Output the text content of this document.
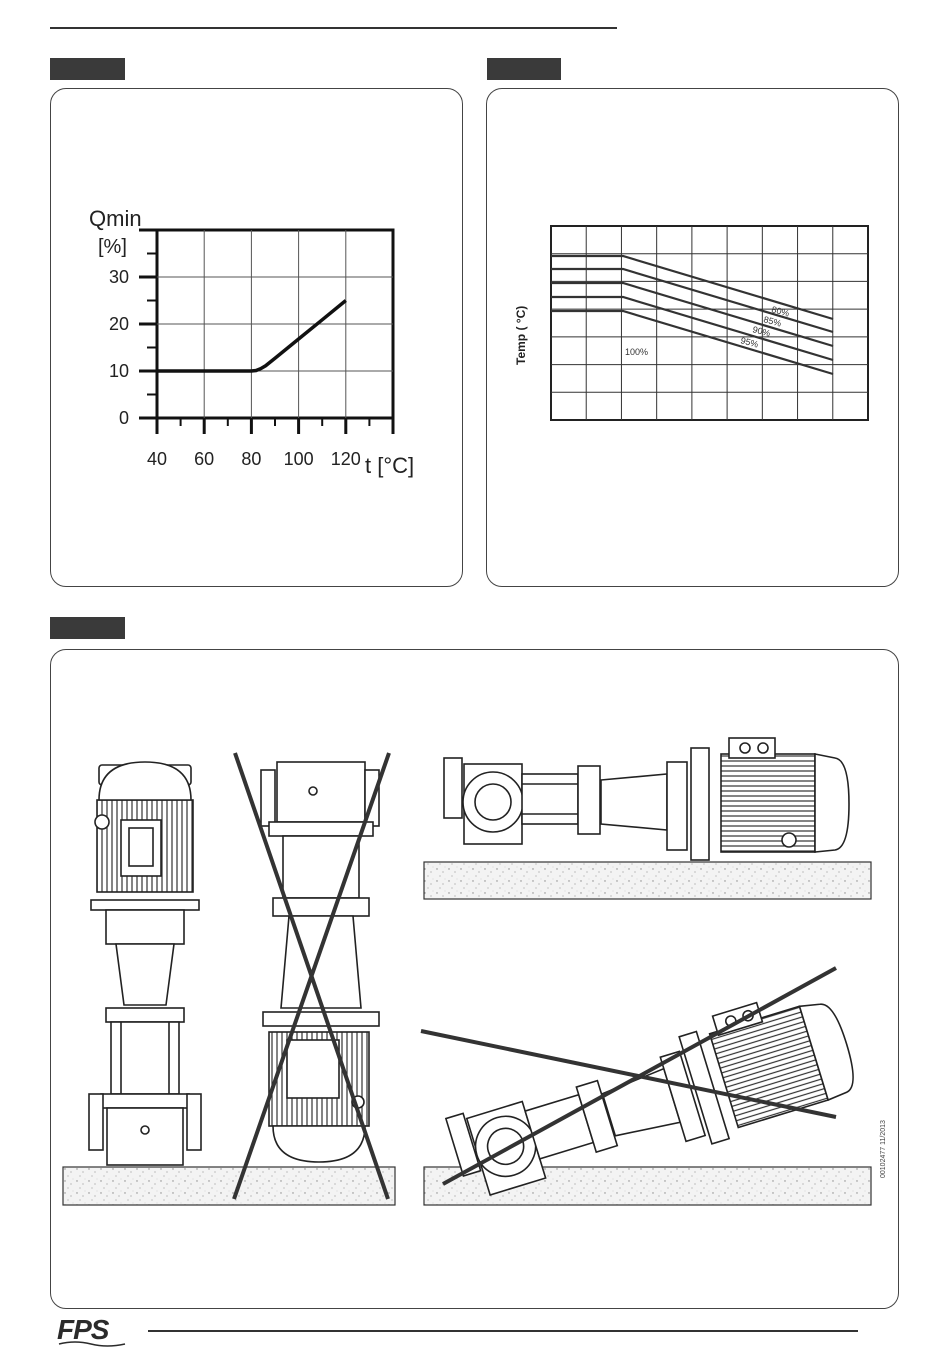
Qmin
[%]
0
10
20
30
40 60 80 100 120 t [°C]
80%
85%
90%
95%
100%
Temp ( °C)
00102477 11/2013
FPS
